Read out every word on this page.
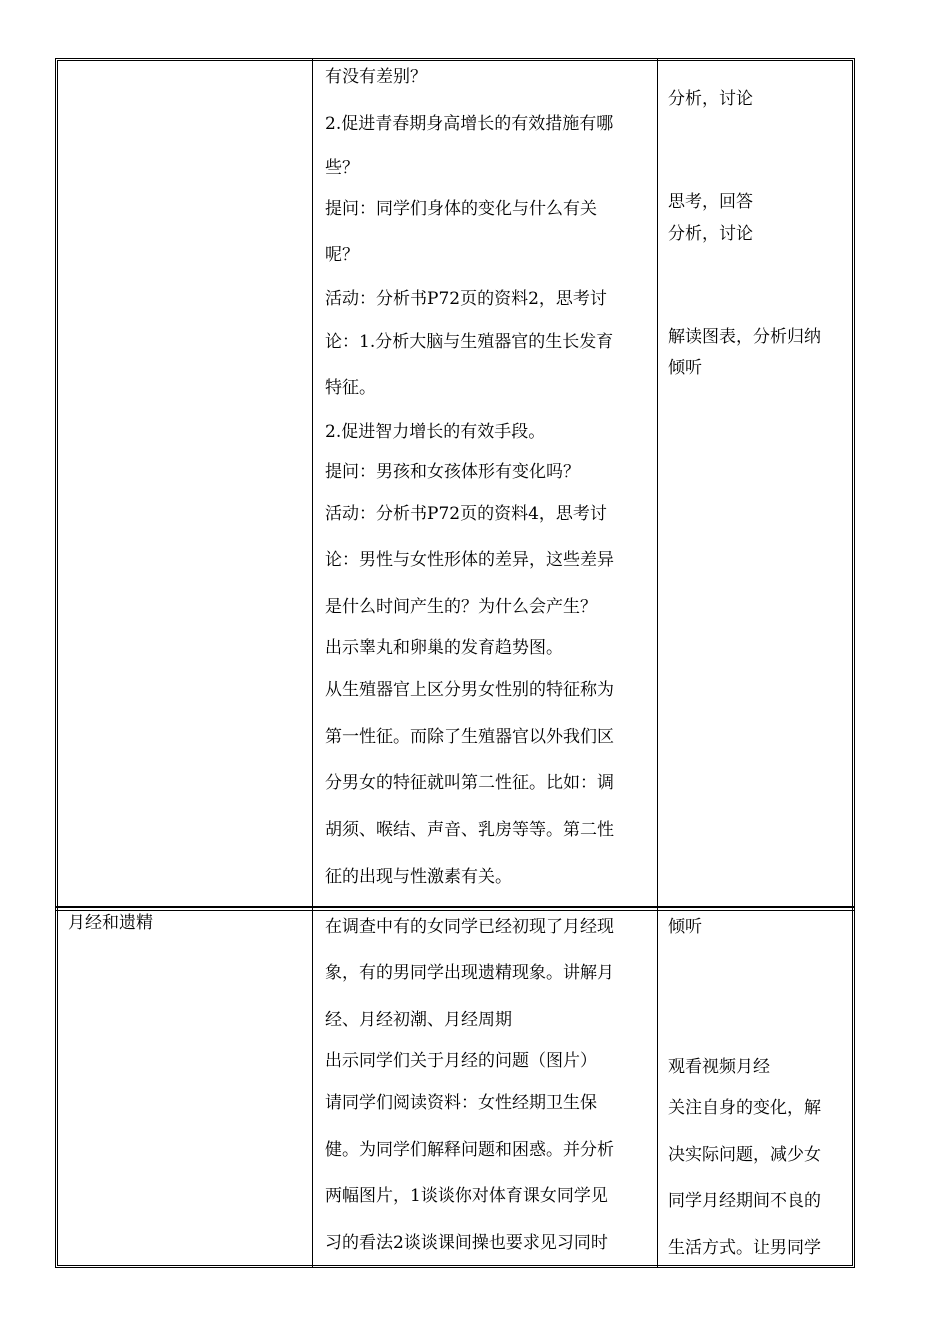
有没有差别？
2.促进青春期身高增长的有效措施有哪
些？
提问：同学们身体的变化与什么有关
呢？
活动：分析书P72页的资料2，思考讨
论：1.分析大脑与生殖器官的生长发育
特征。
2.促进智力增长的有效手段。
提问：男孩和女孩体形有变化吗？
活动：分析书P72页的资料4，思考讨
论：男性与女性形体的差异，这些差异
是什么时间产生的？为什么会产生？
出示睾丸和卵巢的发育趋势图。
从生殖器官上区分男女性别的特征称为
第一性征。而除了生殖器官以外我们区
分男女的特征就叫第二性征。比如：调
胡须、喉结、声音、乳房等等。第二性
征的出现与性激素有关。
分析，讨论
思考，回答
分析，讨论
解读图表，分析归纳
倾听
月经和遗精	在调查中有的女同学已经初现了月经现
象，有的男同学出现遗精现象。讲解月
经、月经初潮、月经周期
出示同学们关于月经的问题（图片）
请同学们阅读资料：女性经期卫生保
健。为同学们解释问题和困惑。并分析
两幅图片，1谈谈你对体育课女同学见
习的看法2谈谈课间操也要求见习同时
倾听
观看视频月经
关注自身的变化，解
决实际问题，减少女
同学月经期间不良的
生活方式。让男同学
